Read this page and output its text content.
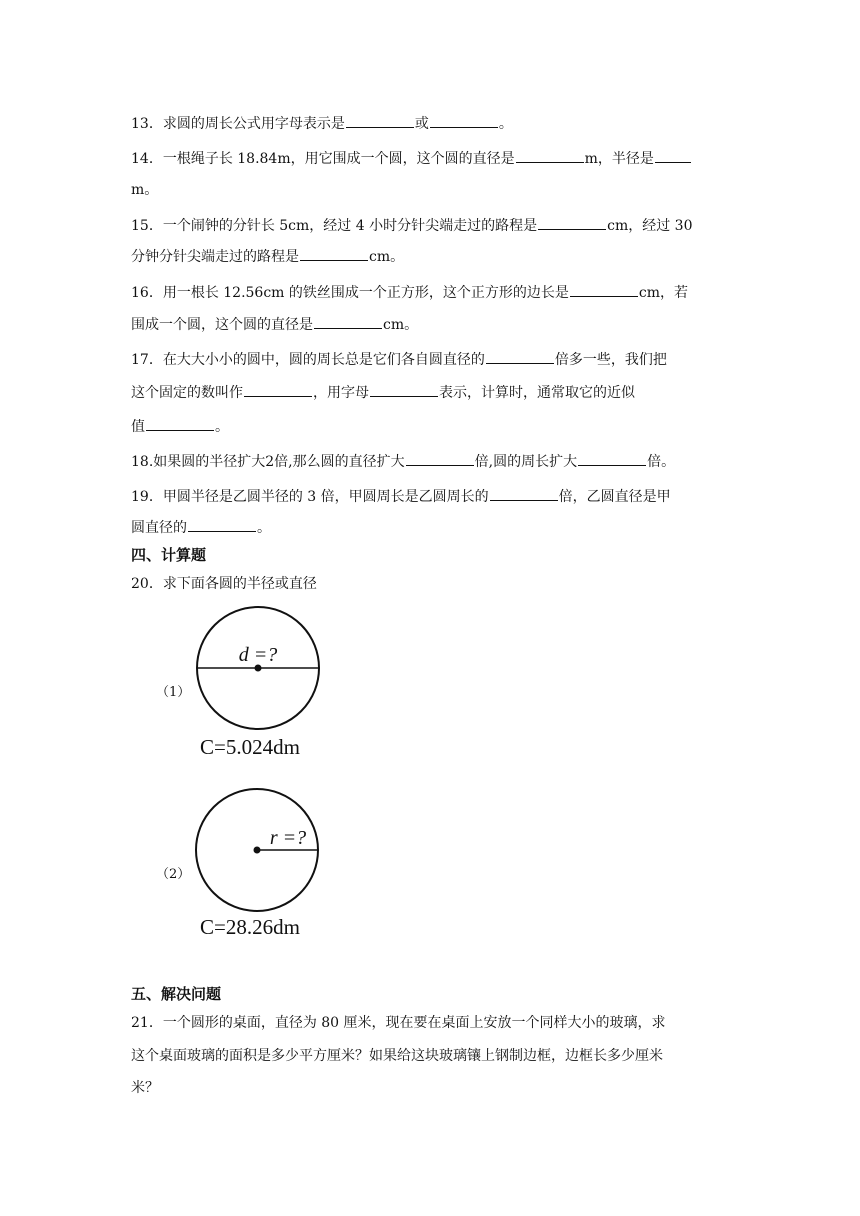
13．求圆的周长公式用字母表示是	或	。
14．一根绳子长 18.84m，用它围成一个圆，这个圆的直径是	m，半径是
m。
15．一个闹钟的分针长 5cm，经过 4 小时分针尖端走过的路程是	cm，经过 30
分钟分针尖端走过的路程是	cm。
16．用一根长 12.56cm 的铁丝围成一个正方形，这个正方形的边长是	cm，若
围成一个圆，这个圆的直径是	cm。
17．在大大小小的圆中，圆的周长总是它们各自圆直径的	倍多一些，我们把
这个固定的数叫作	，用字母	表示，计算时，通常取它的近似
值	。
18.如果圆的半径扩大2倍,那么圆的直径扩大	倍,圆的周长扩大	倍。
19．甲圆半径是乙圆半径的 3 倍，甲圆周长是乙圆周长的	倍，乙圆直径是甲
圆直径的	。
四、计算题
20．求下面各圆的半径或直径
（1）
d =?
C=5.024dm
（2）
r =?
C=28.26dm
五、解决问题
21．一个圆形的桌面，直径为 80 厘米，现在要在桌面上安放一个同样大小的玻璃，求
这个桌面玻璃的面积是多少平方厘米？如果给这块玻璃镶上钢制边框，边框长多少厘米
米？
